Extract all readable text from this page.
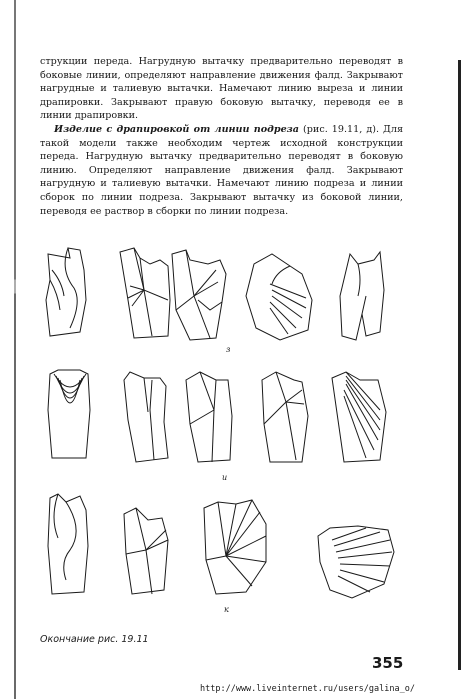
струкции переда. Нагрудную вытачку предварительно переводят в боковые линии, определяют направление движения фалд. Закрывают нагрудные и талиевую вытачки. Намечают линию выреза и линии драпировки. Закрывают правую боковую вытачку, переводя ее в линии драпировки.

Изделие с драпировкой от линии подреза (рис. 19.11, д). Для такой модели также необходим чертеж исходной конструкции переда. Нагрудную вытачку предварительно переводят в боковую линию. Определяют направление движения фалд. Закрывают нагрудную и талиевую вытачки. Намечают линию подреза и линии сборок по линии подреза. Закрывают вытачку из боковой линии, переводя ее раствор в сборки по линии подреза.

з
и
к
Окончание рис. 19.11
355
http://www.liveinternet.ru/users/galina_o/
